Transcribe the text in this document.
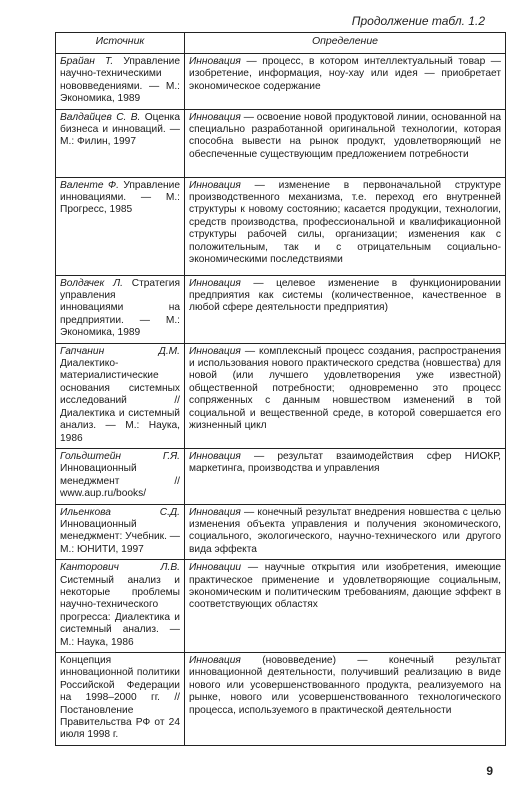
Продолжение табл. 1.2
Источник	Определение
Брайан Т. Управление научно-техническими нововведениями. — М.: Экономика, 1989	Инновация — процесс, в котором интеллектуальный товар — изобретение, информация, ноу-хау или идея — приобретает экономическое содержание
Валдайцев С. В. Оценка бизнеса и инноваций. — М.: Филин, 1997	Инновация — освоение новой продуктовой линии, основанной на специально разработанной оригинальной технологии, которая способна вывести на рынок продукт, удовлетворяющий не обеспеченные существующим предложением потребности
Валенте Ф. Управление инновациями. — М.: Прогресс, 1985	Инновация — изменение в первоначальной структуре производственного механизма, т.е. переход его внутренней структуры к новому состоянию; касается продукции, технологии, средств производства, профессиональной и квалификационной структуры рабочей силы, организации; изменения как с положительным, так и с отрицательным социально-экономическими последствиями
Волдачек Л. Стратегия управления инновациями на предприятии. — М.: Экономика, 1989	Инновация — целевое изменение в функционировании предприятия как системы (количественное, качественное в любой сфере деятельности предприятия)
Гапчанин Д.М. Диалектико-материалистические основания системных исследований // Диалектика и системный анализ. — М.: Наука, 1986	Инновация — комплексный процесс создания, распространения и использования нового практического средства (новшества) для новой (или лучшего удовлетворения уже известной) общественной потребности; одновременно это процесс сопряженных с данным новшеством изменений в той социальной и вещественной среде, в которой совершается его жизненный цикл
Гольдштейн Г.Я. Инновационный менеджмент // www.aup.ru/books/	Инновация — результат взаимодействия сфер НИОКР, маркетинга, производства и управления
Ильенкова С.Д. Инновационный менеджмент: Учебник. — М.: ЮНИТИ, 1997	Инновация — конечный результат внедрения новшества с целью изменения объекта управления и получения экономического, социального, экологического, научно-технического или другого вида эффекта
Канторович Л.В. Системный анализ и некоторые проблемы научно-технического прогресса: Диалектика и системный анализ. — М.: Наука, 1986	Инновации — научные открытия или изобретения, имеющие практическое применение и удовлетворяющие социальным, экономическим и политическим требованиям, дающие эффект в соответствующих областях
Концепция инновационной политики Российской Федерации на 1998–2000 гг. // Постановление Правительства РФ от 24 июля 1998 г.	Инновация (нововведение) — конечный результат инновационной деятельности, получивший реализацию в виде нового или усовершенствованного продукта, реализуемого на рынке, нового или усовершенствованного технологического процесса, используемого в практической деятельности
9
